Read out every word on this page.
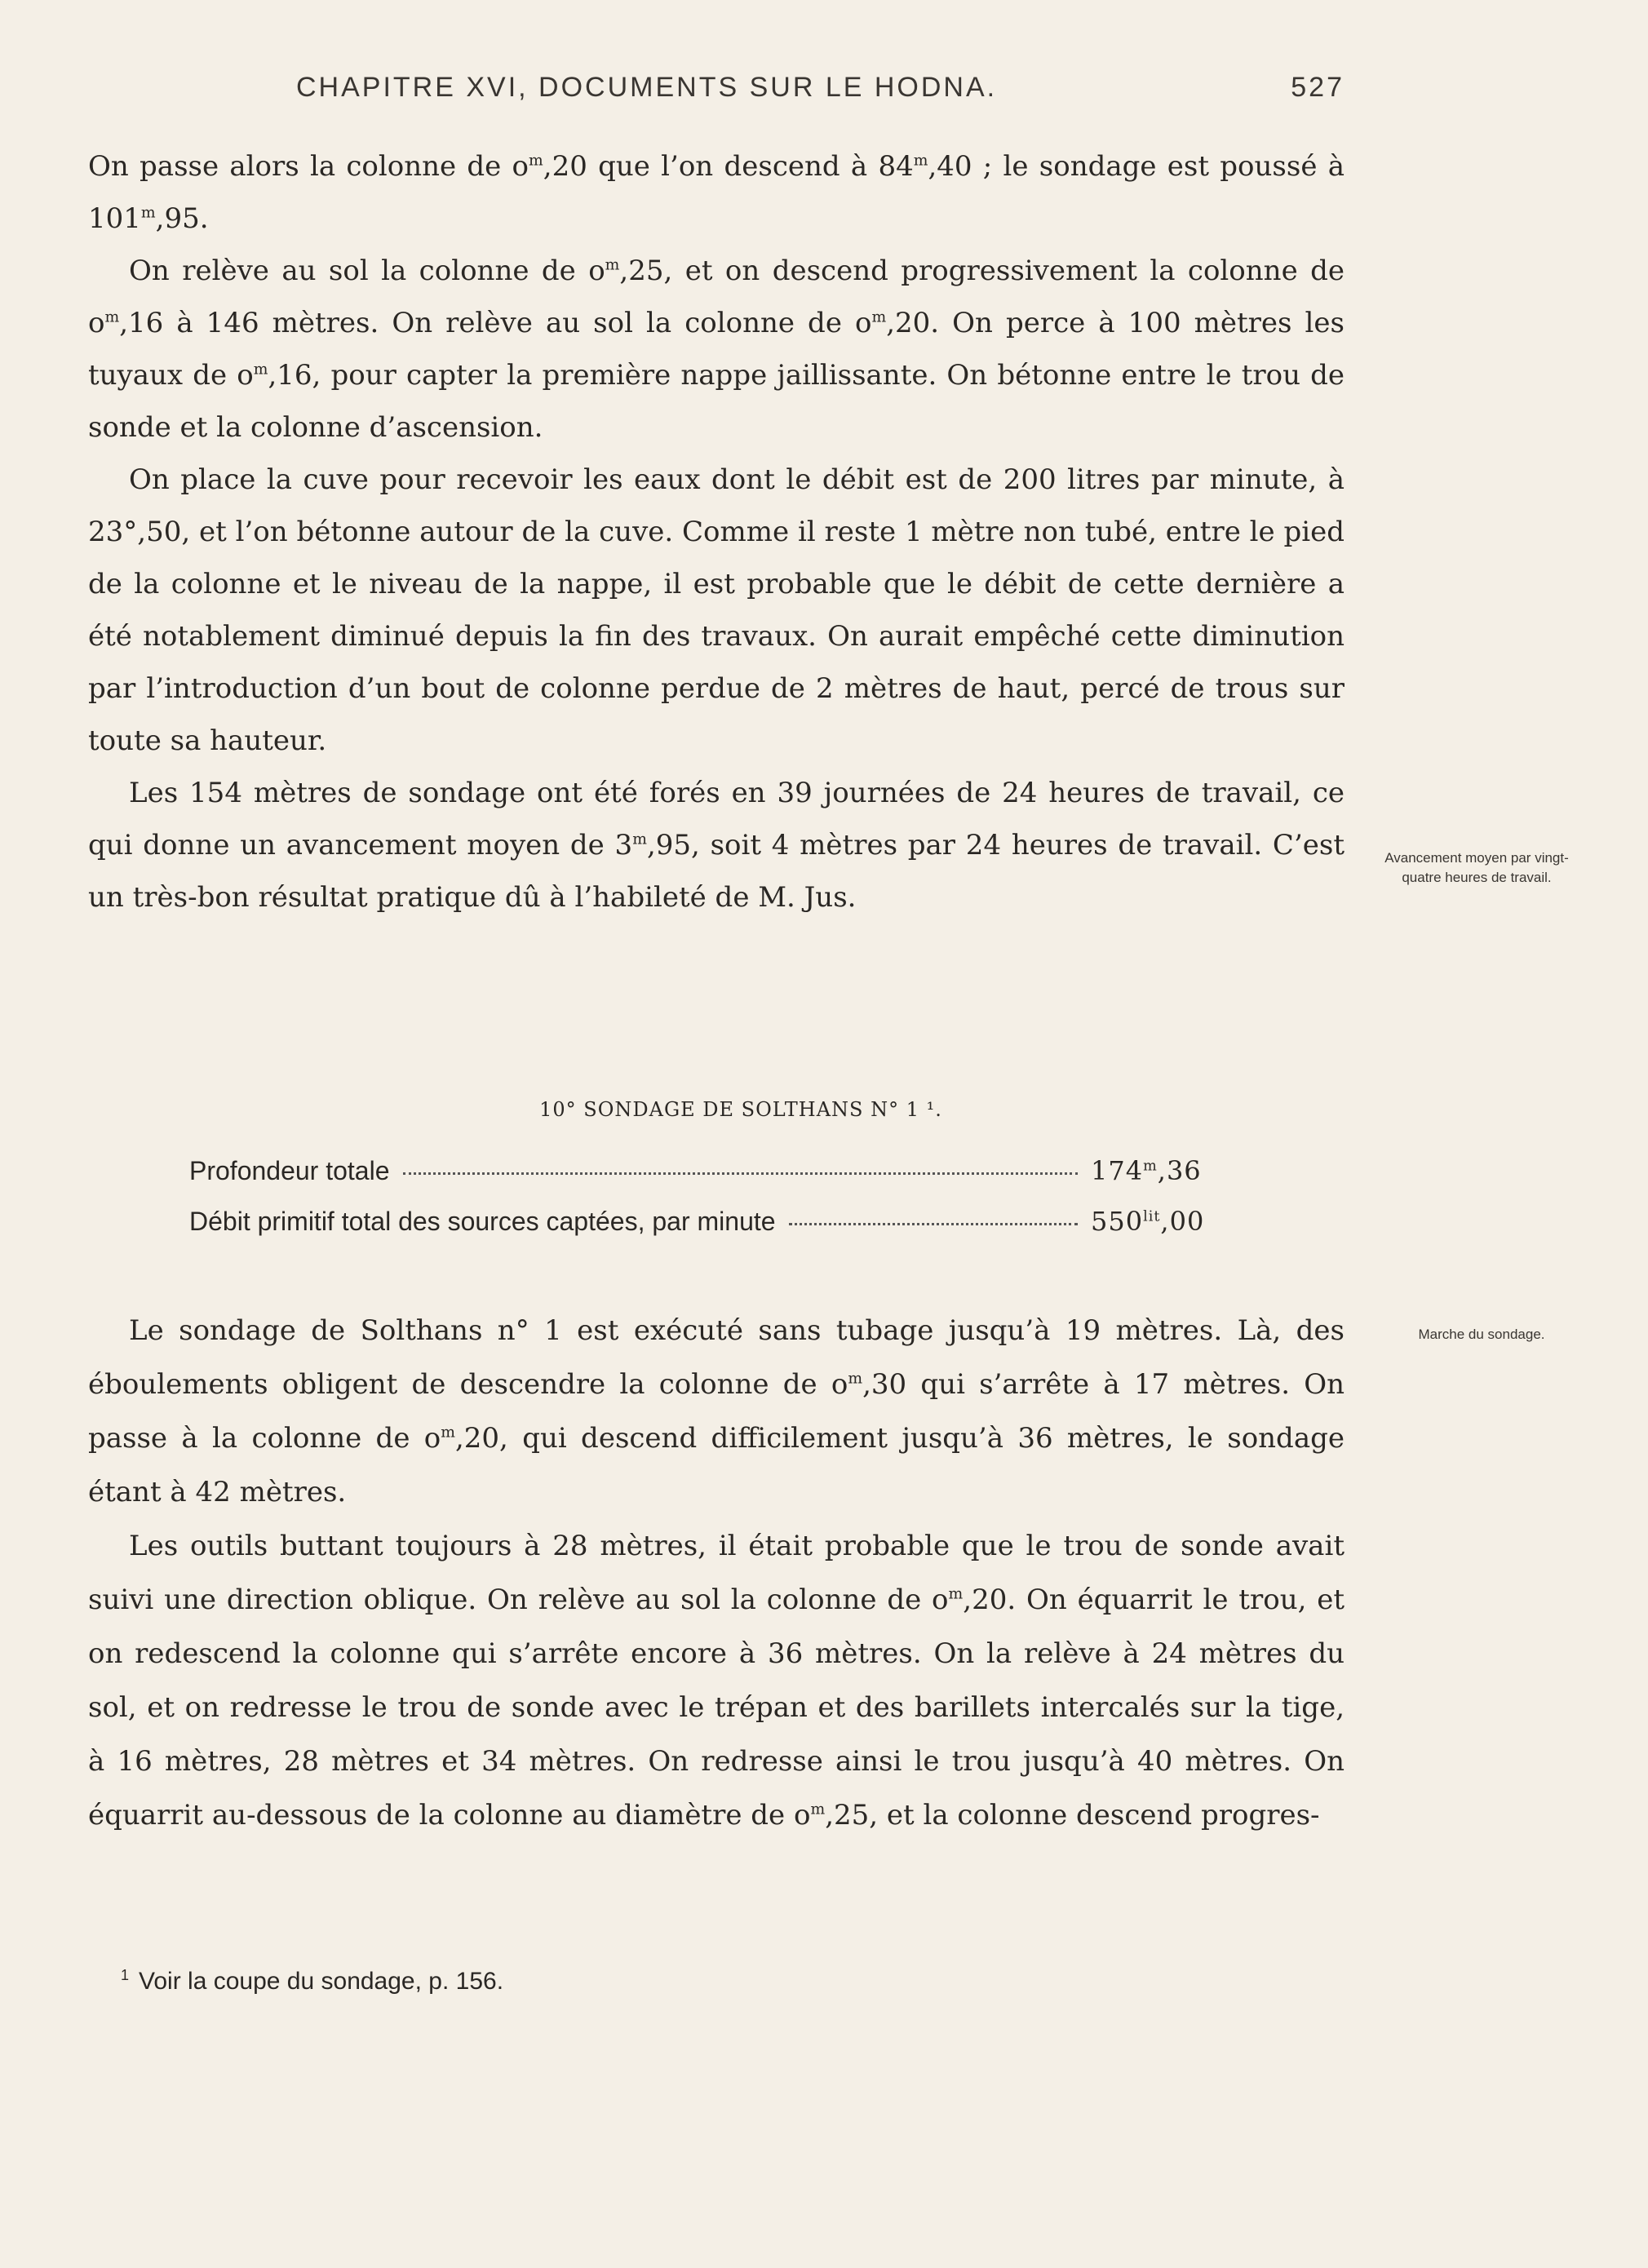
CHAPITRE XVI, DOCUMENTS SUR LE HODNA.	527

On passe alors la colonne de $o^m,20$ que l’on descend à 84$^m$,40 ; le sondage est poussé à 101$^m$,95.

On relève au sol la colonne de $o^m,25$, et on descend progressivement la colonne de $o^m,16$ à 146 mètres. On relève au sol la colonne de $o^m,20$. On perce à 100 mètres les tuyaux de $o^m,16$, pour capter la première nappe jaillissante. On bétonne entre le trou de sonde et la colonne d’ascension.

On place la cuve pour recevoir les eaux dont le débit est de 200 litres par minute, à 23°,50, et l’on bétonne autour de la cuve. Comme il reste 1 mètre non tubé, entre le pied de la colonne et le niveau de la nappe, il est probable que le débit de cette dernière a été notablement diminué depuis la fin des travaux. On aurait empêché cette diminution par l’introduction d’un bout de colonne perdue de 2 mètres de haut, percé de trous sur toute sa hauteur.

Les 154 mètres de sondage ont été forés en 39 journées de 24 heures de travail, ce qui donne un avancement moyen de 3$^m$,95, soit 4 mètres par 24 heures de travail. C’est un très-bon résultat pratique dû à l’habileté de M. Jus.

Avancement moyen par vingt-quatre heures de travail.
10° SONDAGE DE SOLTHANS N° 1 ¹.
Profondeur totale	174$^m$,36
Débit primitif total des sources captées, par minute	$550^{lit},00$

Le sondage de Solthans n° 1 est exécuté sans tubage jusqu’à 19 mètres. Là, des éboulements obligent de descendre la colonne de $o^m,30$ qui s’arrête à 17 mètres. On passe à la colonne de $o^m,20$, qui descend difficilement jusqu’à 36 mètres, le sondage étant à 42 mètres.

Les outils buttant toujours à 28 mètres, il était probable que le trou de sonde avait suivi une direction oblique. On relève au sol la colonne de $o^m,20$. On équarrit le trou, et on redescend la colonne qui s’arrête encore à 36 mètres. On la relève à 24 mètres du sol, et on redresse le trou de sonde avec le trépan et des barillets intercalés sur la tige, à 16 mètres, 28 mètres et 34 mètres. On redresse ainsi le trou jusqu’à 40 mètres. On équarrit au-dessous de la colonne au diamètre de $o^m,25$, et la colonne descend progres-

Marche du sondage.
$^1$ Voir la coupe du sondage, p. 156.
